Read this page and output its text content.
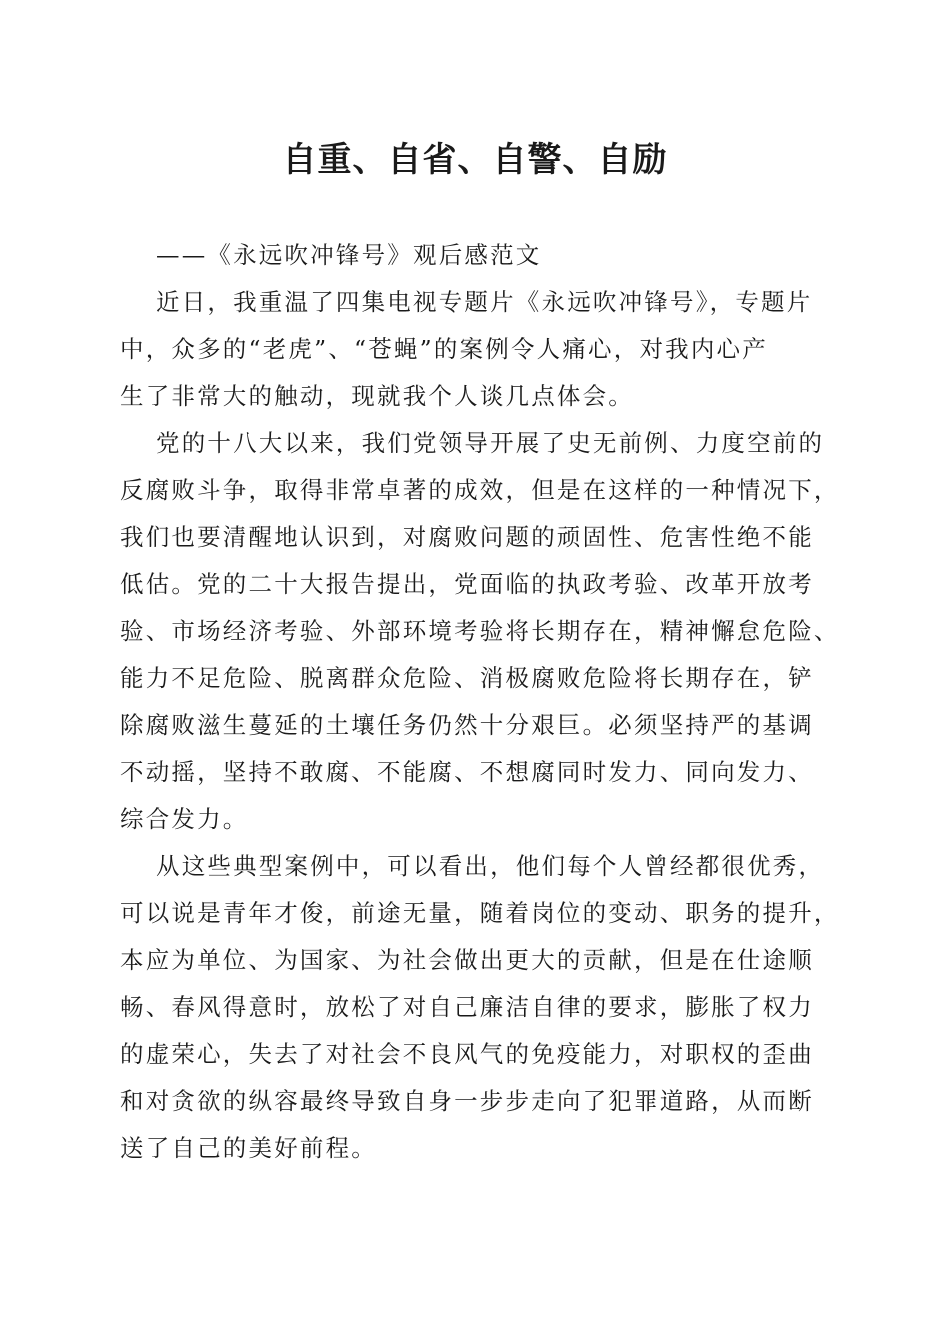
自重、自省、自警、自励
——《永远吹冲锋号》观后感范文
近日，我重温了四集电视专题片《永远吹冲锋号》，专题片
中，众多的“老虎”、“苍蝇”的案例令人痛心，对我内心产
生了非常大的触动，现就我个人谈几点体会。
党的十八大以来，我们党领导开展了史无前例、力度空前的
反腐败斗争，取得非常卓著的成效，但是在这样的一种情况下，
我们也要清醒地认识到，对腐败问题的顽固性、危害性绝不能
低估。党的二十大报告提出，党面临的执政考验、改革开放考
验、市场经济考验、外部环境考验将长期存在，精神懈怠危险、
能力不足危险、脱离群众危险、消极腐败危险将长期存在，铲
除腐败滋生蔓延的土壤任务仍然十分艰巨。必须坚持严的基调
不动摇，坚持不敢腐、不能腐、不想腐同时发力、同向发力、
综合发力。
从这些典型案例中，可以看出，他们每个人曾经都很优秀，
可以说是青年才俊，前途无量，随着岗位的变动、职务的提升，
本应为单位、为国家、为社会做出更大的贡献，但是在仕途顺
畅、春风得意时，放松了对自己廉洁自律的要求，膨胀了权力
的虚荣心，失去了对社会不良风气的免疫能力，对职权的歪曲
和对贪欲的纵容最终导致自身一步步走向了犯罪道路，从而断
送了自己的美好前程。
